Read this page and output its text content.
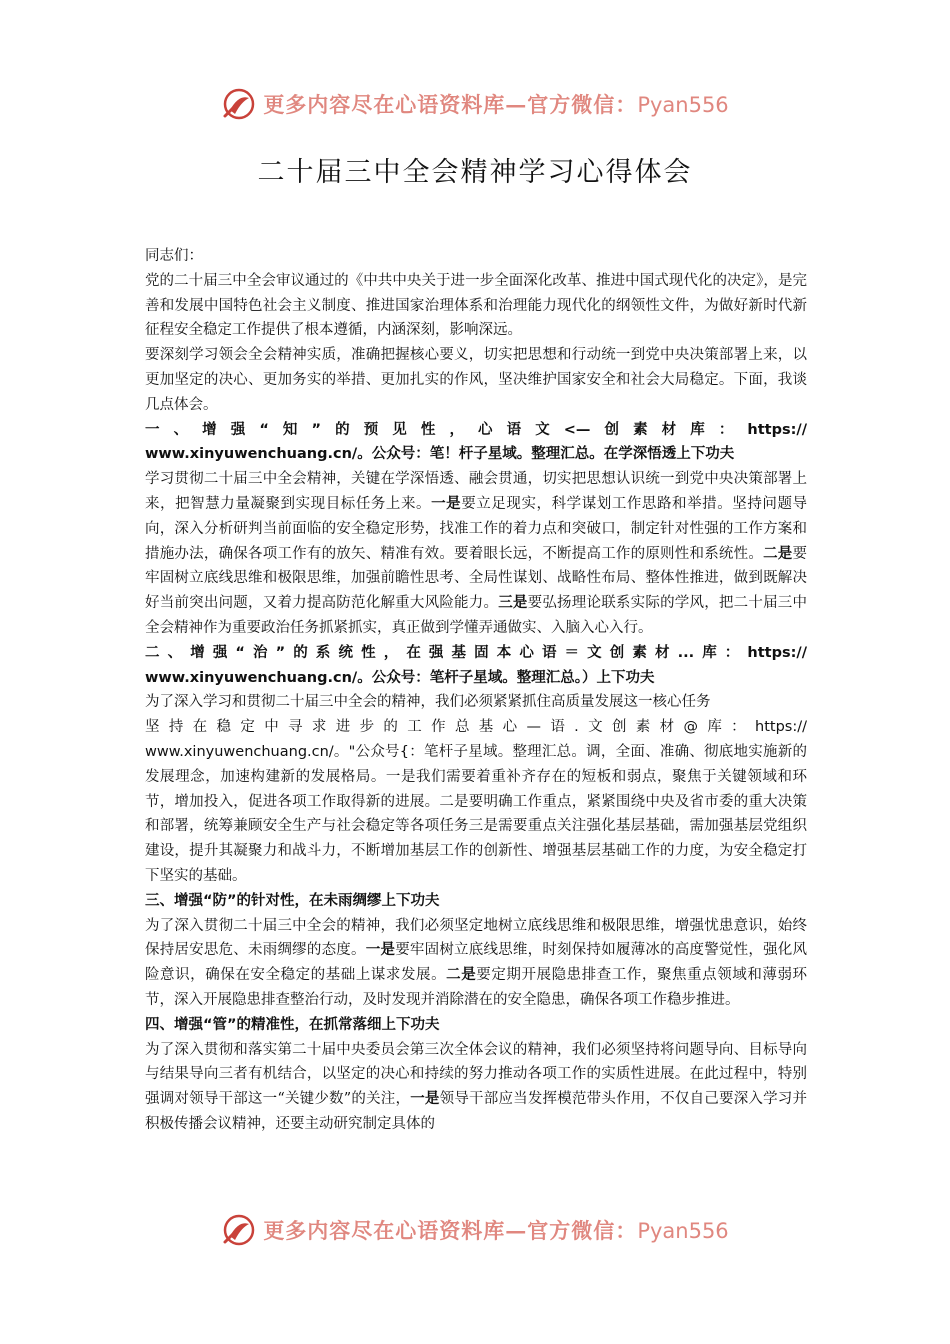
更多内容尽在心语资料库—官方微信：Pyan556
二十届三中全会精神学习心得体会

同志们：

党的二十届三中全会审议通过的《中共中央关于进一步全面深化改革、推进中国式现代化的决定》，是完善和发展中国特色社会主义制度、推进国家治理体系和治理能力现代化的纲领性文件，为做好新时代新征程安全稳定工作提供了根本遵循，内涵深刻，影响深远。

要深刻学习领会全会精神实质，准确把握核心要义，切实把思想和行动统一到党中央决策部署上来，以更加坚定的决心、更加务实的举措、更加扎实的作风，坚决维护国家安全和社会大局稳定。下面，我谈几点体会。

一、增强“知”的预见性，心语文<—创素材库：https://

www.xinyuwenchuang.cn/。公众号：笔！杆子星域。整理汇总。在学深悟透上下功夫

学习贯彻二十届三中全会精神，关键在学深悟透、融会贯通，切实把思想认识统一到党中央决策部署上来，把智慧力量凝聚到实现目标任务上来。一是要立足现实，科学谋划工作思路和举措。坚持问题导向，深入分析研判当前面临的安全稳定形势，找准工作的着力点和突破口，制定针对性强的工作方案和措施办法，确保各项工作有的放矢、精准有效。要着眼长远，不断提高工作的原则性和系统性。二是要牢固树立底线思维和极限思维，加强前瞻性思考、全局性谋划、战略性布局、整体性推进，做到既解决好当前突出问题，又着力提高防范化解重大风险能力。三是要弘扬理论联系实际的学风，把二十届三中全会精神作为重要政治任务抓紧抓实，真正做到学懂弄通做实、入脑入心入行。

二、增强“治”的系统性，在强基固本心语＝文创素材...库：https://

www.xinyuwenchuang.cn/。公众号：笔杆子星域。整理汇总。）上下功夫

为了深入学习和贯彻二十届三中全会的精神，我们必须紧紧抓住高质量发展这一核心任务

坚持在稳定中寻求进步的工作总基心—语.文创素材@库：https://

www.xinyuwenchuang.cn/。"公众号{：笔杆子星域。整理汇总。调，全面、准确、彻底地实施新的发展理念，加速构建新的发展格局。一是我们需要着重补齐存在的短板和弱点，聚焦于关键领域和环节，增加投入，促进各项工作取得新的进展。二是要明确工作重点，紧紧围绕中央及省市委的重大决策和部署，统筹兼顾安全生产与社会稳定等各项任务三是需要重点关注强化基层基础，需加强基层党组织建设，提升其凝聚力和战斗力，不断增加基层工作的创新性、增强基层基础工作的力度，为安全稳定打下坚实的基础。

三、增强“防”的针对性，在未雨绸缪上下功夫

为了深入贯彻二十届三中全会的精神，我们必须坚定地树立底线思维和极限思维，增强忧患意识，始终保持居安思危、未雨绸缪的态度。一是要牢固树立底线思维，时刻保持如履薄冰的高度警觉性，强化风险意识，确保在安全稳定的基础上谋求发展。二是要定期开展隐患排查工作，聚焦重点领域和薄弱环节，深入开展隐患排查整治行动，及时发现并消除潜在的安全隐患，确保各项工作稳步推进。

四、增强“管”的精准性，在抓常落细上下功夫

为了深入贯彻和落实第二十届中央委员会第三次全体会议的精神，我们必须坚持将问题导向、目标导向与结果导向三者有机结合，以坚定的决心和持续的努力推动各项工作的实质性进展。在此过程中，特别强调对领导干部这一“关键少数”的关注，一是领导干部应当发挥模范带头作用，不仅自己要深入学习并积极传播会议精神，还要主动研究制定具体的

更多内容尽在心语资料库—官方微信：Pyan556
